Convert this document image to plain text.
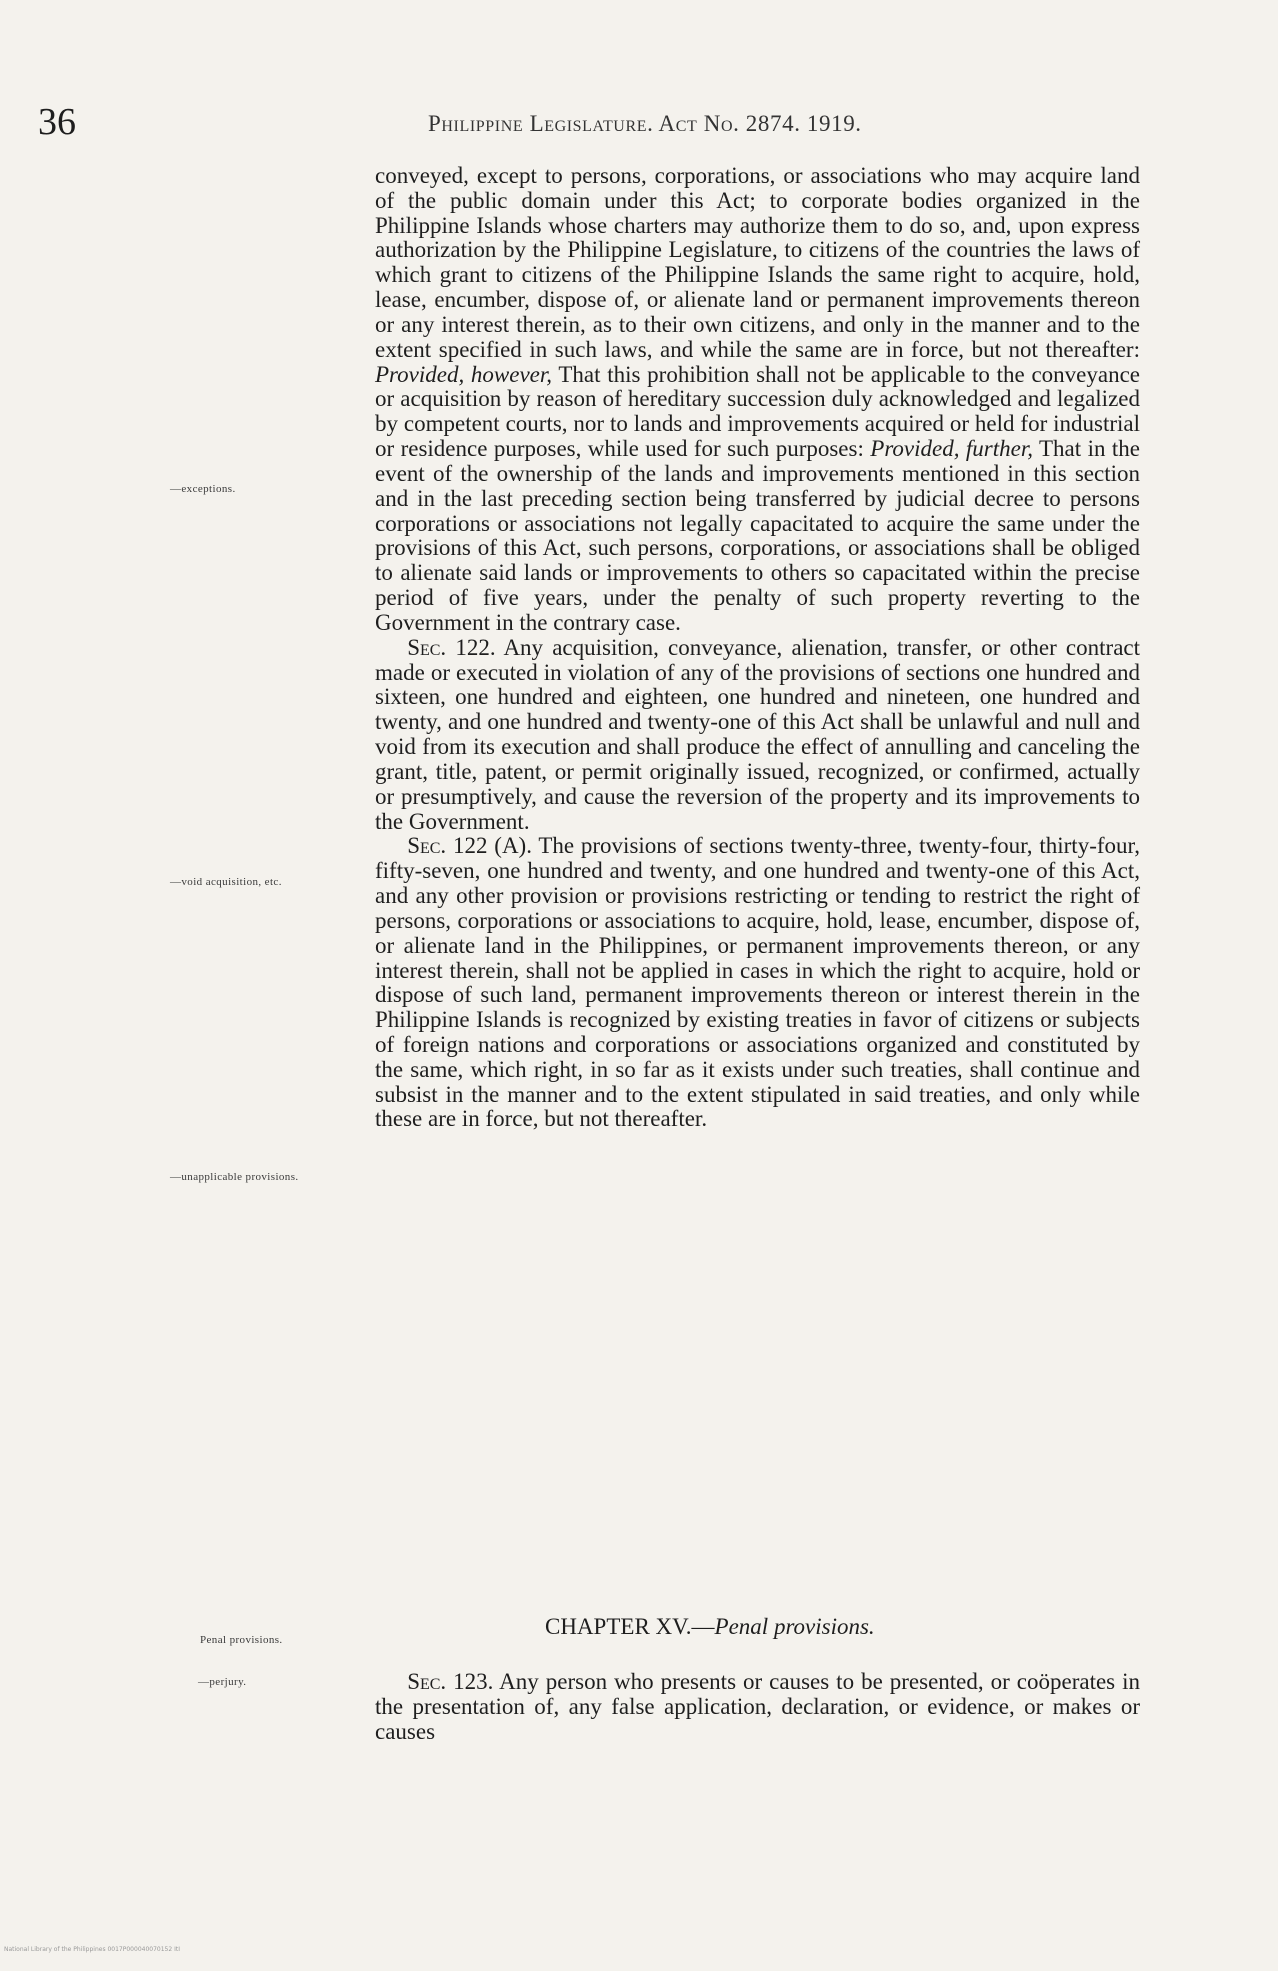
36	Philippine Legislature. Act No. 2874. 1919.

conveyed, except to persons, corporations, or associations who may acquire land of the public domain under this Act; to corporate bodies organized in the Philippine Islands whose charters may authorize them to do so, and, upon express authorization by the Philippine Legislature, to citizens of the countries the laws of which grant to citizens of the Philippine Islands the same right to acquire, hold, lease, encumber, dispose of, or alienate land or permanent improvements thereon or any interest therein, as to their own citizens, and only in the manner and to the extent specified in such laws, and while the same are in force, but not thereafter: Provided, however, That this prohibition shall not be applicable to the conveyance or acquisition by reason of hereditary succession duly acknowledged and legalized by competent courts, nor to lands and improvements acquired or held for industrial or residence purposes, while used for such purposes: Provided, further, That in the event of the ownership of the lands and improvements mentioned in this section and in the last preceding section being transferred by judicial decree to persons corporations or associations not legally capacitated to acquire the same under the provisions of this Act, such persons, corporations, or associations shall be obliged to alienate said lands or improvements to others so capacitated within the precise period of five years, under the penalty of such property reverting to the Government in the contrary case.

Sec. 122. Any acquisition, conveyance, alienation, transfer, or other contract made or executed in violation of any of the provisions of sections one hundred and sixteen, one hundred and eighteen, one hundred and nineteen, one hundred and twenty, and one hundred and twenty-one of this Act shall be unlawful and null and void from its execution and shall produce the effect of annulling and canceling the grant, title, patent, or permit originally issued, recognized, or confirmed, actually or presumptively, and cause the reversion of the property and its improvements to the Government.

Sec. 122 (A). The provisions of sections twenty-three, twenty-four, thirty-four, fifty-seven, one hundred and twenty, and one hundred and twenty-one of this Act, and any other provision or provisions restricting or tending to restrict the right of persons, corporations or associations to acquire, hold, lease, encumber, dispose of, or alienate land in the Philippines, or permanent improvements thereon, or any interest therein, shall not be applied in cases in which the right to acquire, hold or dispose of such land, permanent improvements thereon or interest therein in the Philippine Islands is recognized by existing treaties in favor of citizens or subjects of foreign nations and corporations or associations organized and constituted by the same, which right, in so far as it exists under such treaties, shall continue and subsist in the manner and to the extent stipulated in said treaties, and only while these are in force, but not thereafter.

—exceptions.
—void acquisition, etc.
—unapplicable provisions.
Penal provisions.
—perjury.
CHAPTER XV.—Penal provisions.

Sec. 123. Any person who presents or causes to be presented, or coöperates in the presentation of, any false application, declaration, or evidence, or makes or causes

National Library of the Philippines 0017P000040070152 ItI
